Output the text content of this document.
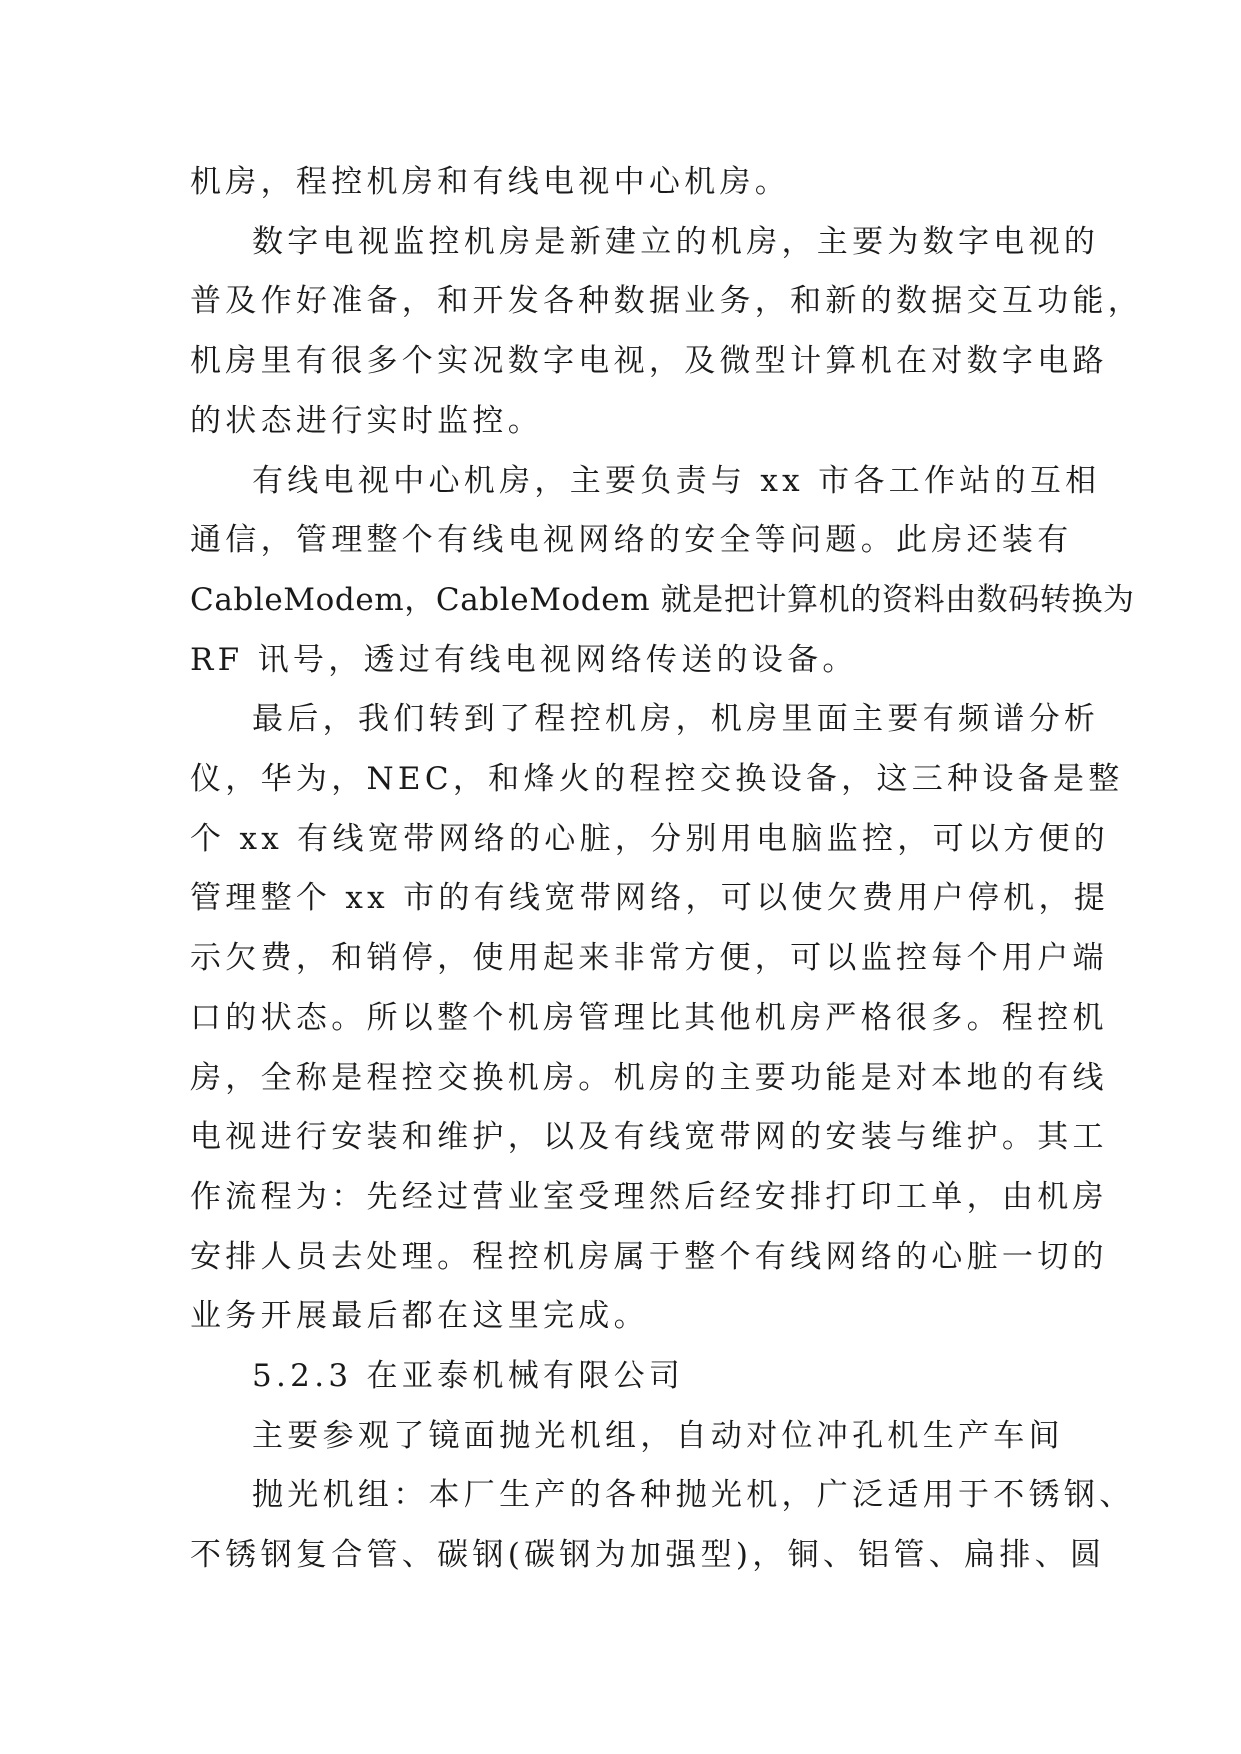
机房，程控机房和有线电视中心机房。

数字电视监控机房是新建立的机房，主要为数字电视的
普及作好准备，和开发各种数据业务，和新的数据交互功能，
机房里有很多个实况数字电视，及微型计算机在对数字电路
的状态进行实时监控。

有线电视中心机房，主要负责与 xx 市各工作站的互相
通信，管理整个有线电视网络的安全等问题。此房还装有
CableModem，CableModem 就是把计算机的资料由数码转换为
RF 讯号，透过有线电视网络传送的设备。

最后，我们转到了程控机房，机房里面主要有频谱分析
仪，华为，NEC，和烽火的程控交换设备，这三种设备是整
个 xx 有线宽带网络的心脏，分别用电脑监控，可以方便的
管理整个 xx 市的有线宽带网络，可以使欠费用户停机，提
示欠费，和销停，使用起来非常方便，可以监控每个用户端
口的状态。所以整个机房管理比其他机房严格很多。程控机
房，全称是程控交换机房。机房的主要功能是对本地的有线
电视进行安装和维护，以及有线宽带网的安装与维护。其工
作流程为：先经过营业室受理然后经安排打印工单，由机房
安排人员去处理。程控机房属于整个有线网络的心脏一切的
业务开展最后都在这里完成。

5.2.3 在亚泰机械有限公司

主要参观了镜面抛光机组，自动对位冲孔机生产车间

抛光机组：本厂生产的各种抛光机，广泛适用于不锈钢、
不锈钢复合管、碳钢(碳钢为加强型)，铜、铝管、扁排、圆
